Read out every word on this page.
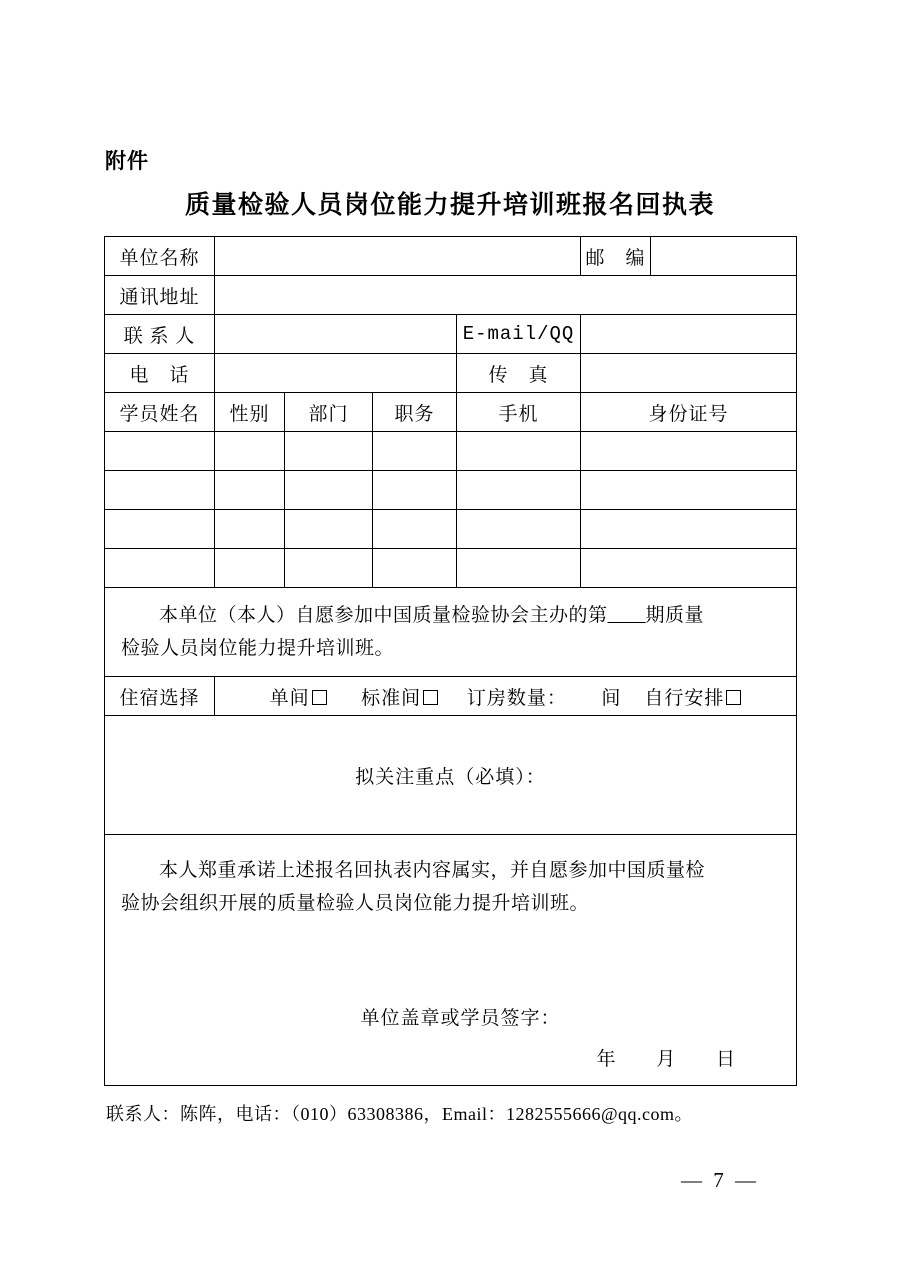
附件
质量检验人员岗位能力提升培训班报名回执表
单位名称					邮　编	
通讯地址						
联 系 人				E-mail/QQ		
电　话				传　真		
学员姓名	性别	部门	职务	手机	身份证号	

本单位（本人）自愿参加中国质量检验协会主办的第　　 期质量
检验人员岗位能力提升培训班。						

住宿选择	单间 标准间 订房数量： 间 自行安排					
拟关注重点（必填）：						

本人郑重承诺上述报名回执表内容属实，并自愿参加中国质量检
验协会组织开展的质量检验人员岗位能力提升培训班。
单位盖章或学员签字：
年 月 日						
联系人：陈阵，电话：（010）63308386，Email：1282555666@qq.com。
— 7 —
